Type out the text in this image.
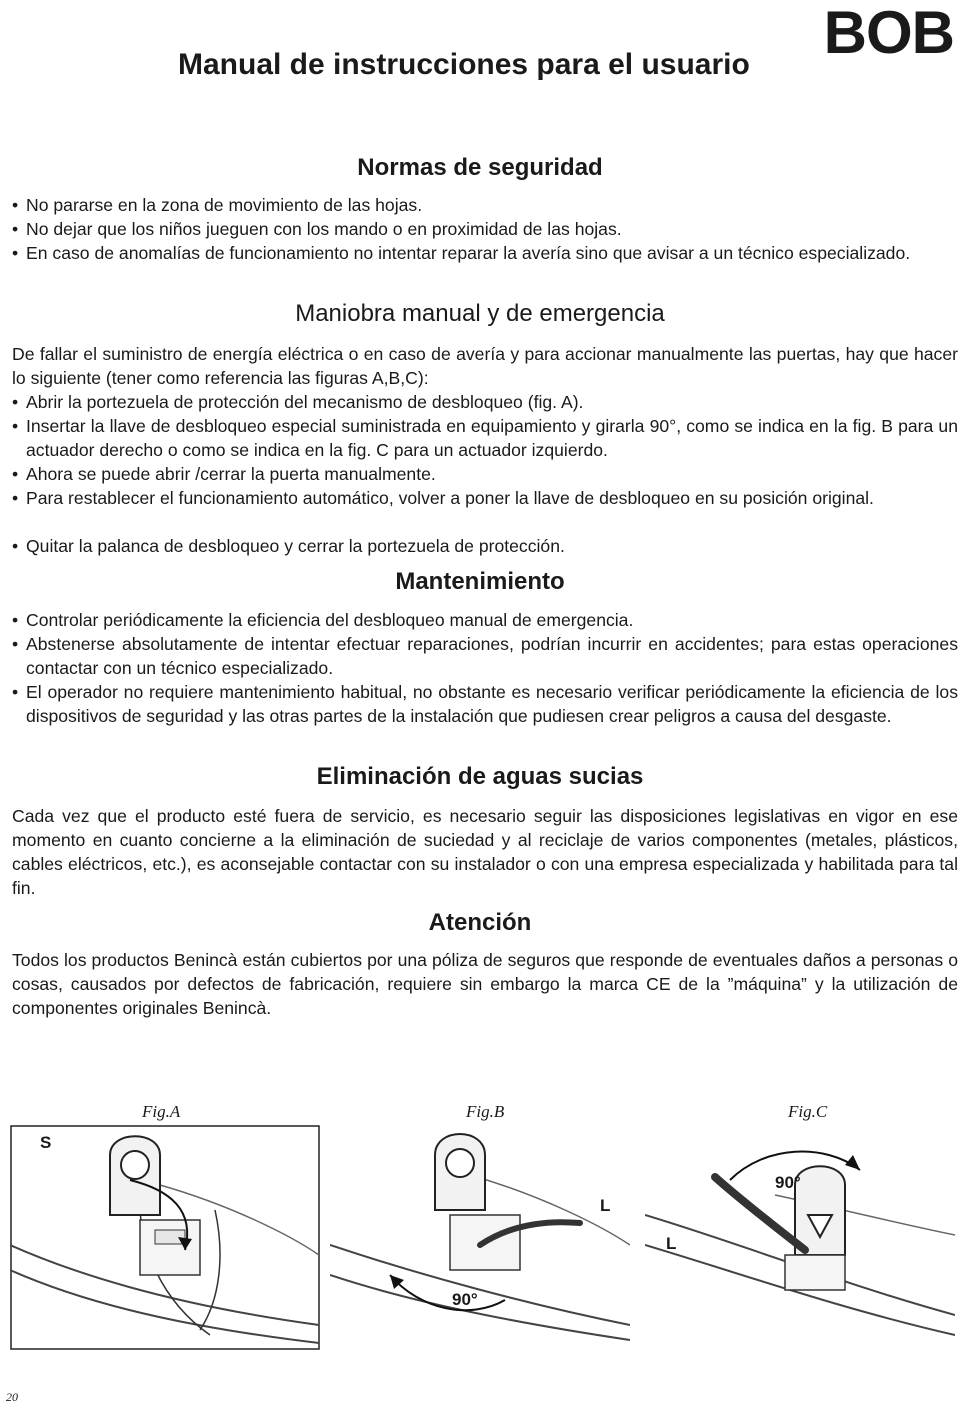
BOB
Manual de instrucciones para el usuario
Normas de seguridad
• No pararse en la zona de movimiento de las hojas.
• No dejar que los niños jueguen con los mando o en proximidad de las hojas.
• En caso de anomalías de funcionamiento no intentar reparar la avería sino que avisar a un técnico especializado.
Maniobra manual y de emergencia
De fallar el suministro de energía eléctrica o en caso de avería y para accionar manualmente las puertas, hay que hacer lo siguiente (tener como referencia las figuras A,B,C):
• Abrir la portezuela de protección del mecanismo de desbloqueo (fig. A).
• Insertar la llave de desbloqueo especial suministrada en equipamiento y girarla 90°, como se indica en la fig. B para un actuador derecho o como se indica en la fig. C para un actuador izquierdo.
• Ahora se puede abrir /cerrar la puerta manualmente.
• Para restablecer el funcionamiento automático, volver a poner la llave de desbloqueo en su posición original.
• Quitar la palanca de desbloqueo y cerrar la portezuela de protección.
Mantenimiento
• Controlar periódicamente la eficiencia del desbloqueo manual de emergencia.
• Abstenerse absolutamente de intentar efectuar reparaciones, podrían incurrir en accidentes; para estas operaciones contactar con un técnico especializado.
• El operador no requiere mantenimiento habitual, no obstante es necesario verificar periódicamente la eficiencia de los dispositivos de seguridad y las otras partes de la instalación que pudiesen crear peligros a causa del desgaste.
Eliminación de aguas sucias
Cada vez que el producto esté fuera de servicio, es necesario seguir las disposiciones legislativas en vigor en ese momento en cuanto concierne a la eliminación de suciedad y al reciclaje de varios componentes (metales, plásticos, cables eléctricos, etc.), es aconsejable contactar con su instalador o con una empresa especializada y habilitada para tal fin.
Atención
Todos los productos Benincà están cubiertos por una póliza de seguros que responde de eventuales daños a personas o cosas, causados por defectos de fabricación, requiere sin embargo la marca CE de la ”máquina” y la utilización de componentes originales Benincà.
Fig.A	Fig.B	Fig.C
S
L
90°
90°
L
20
